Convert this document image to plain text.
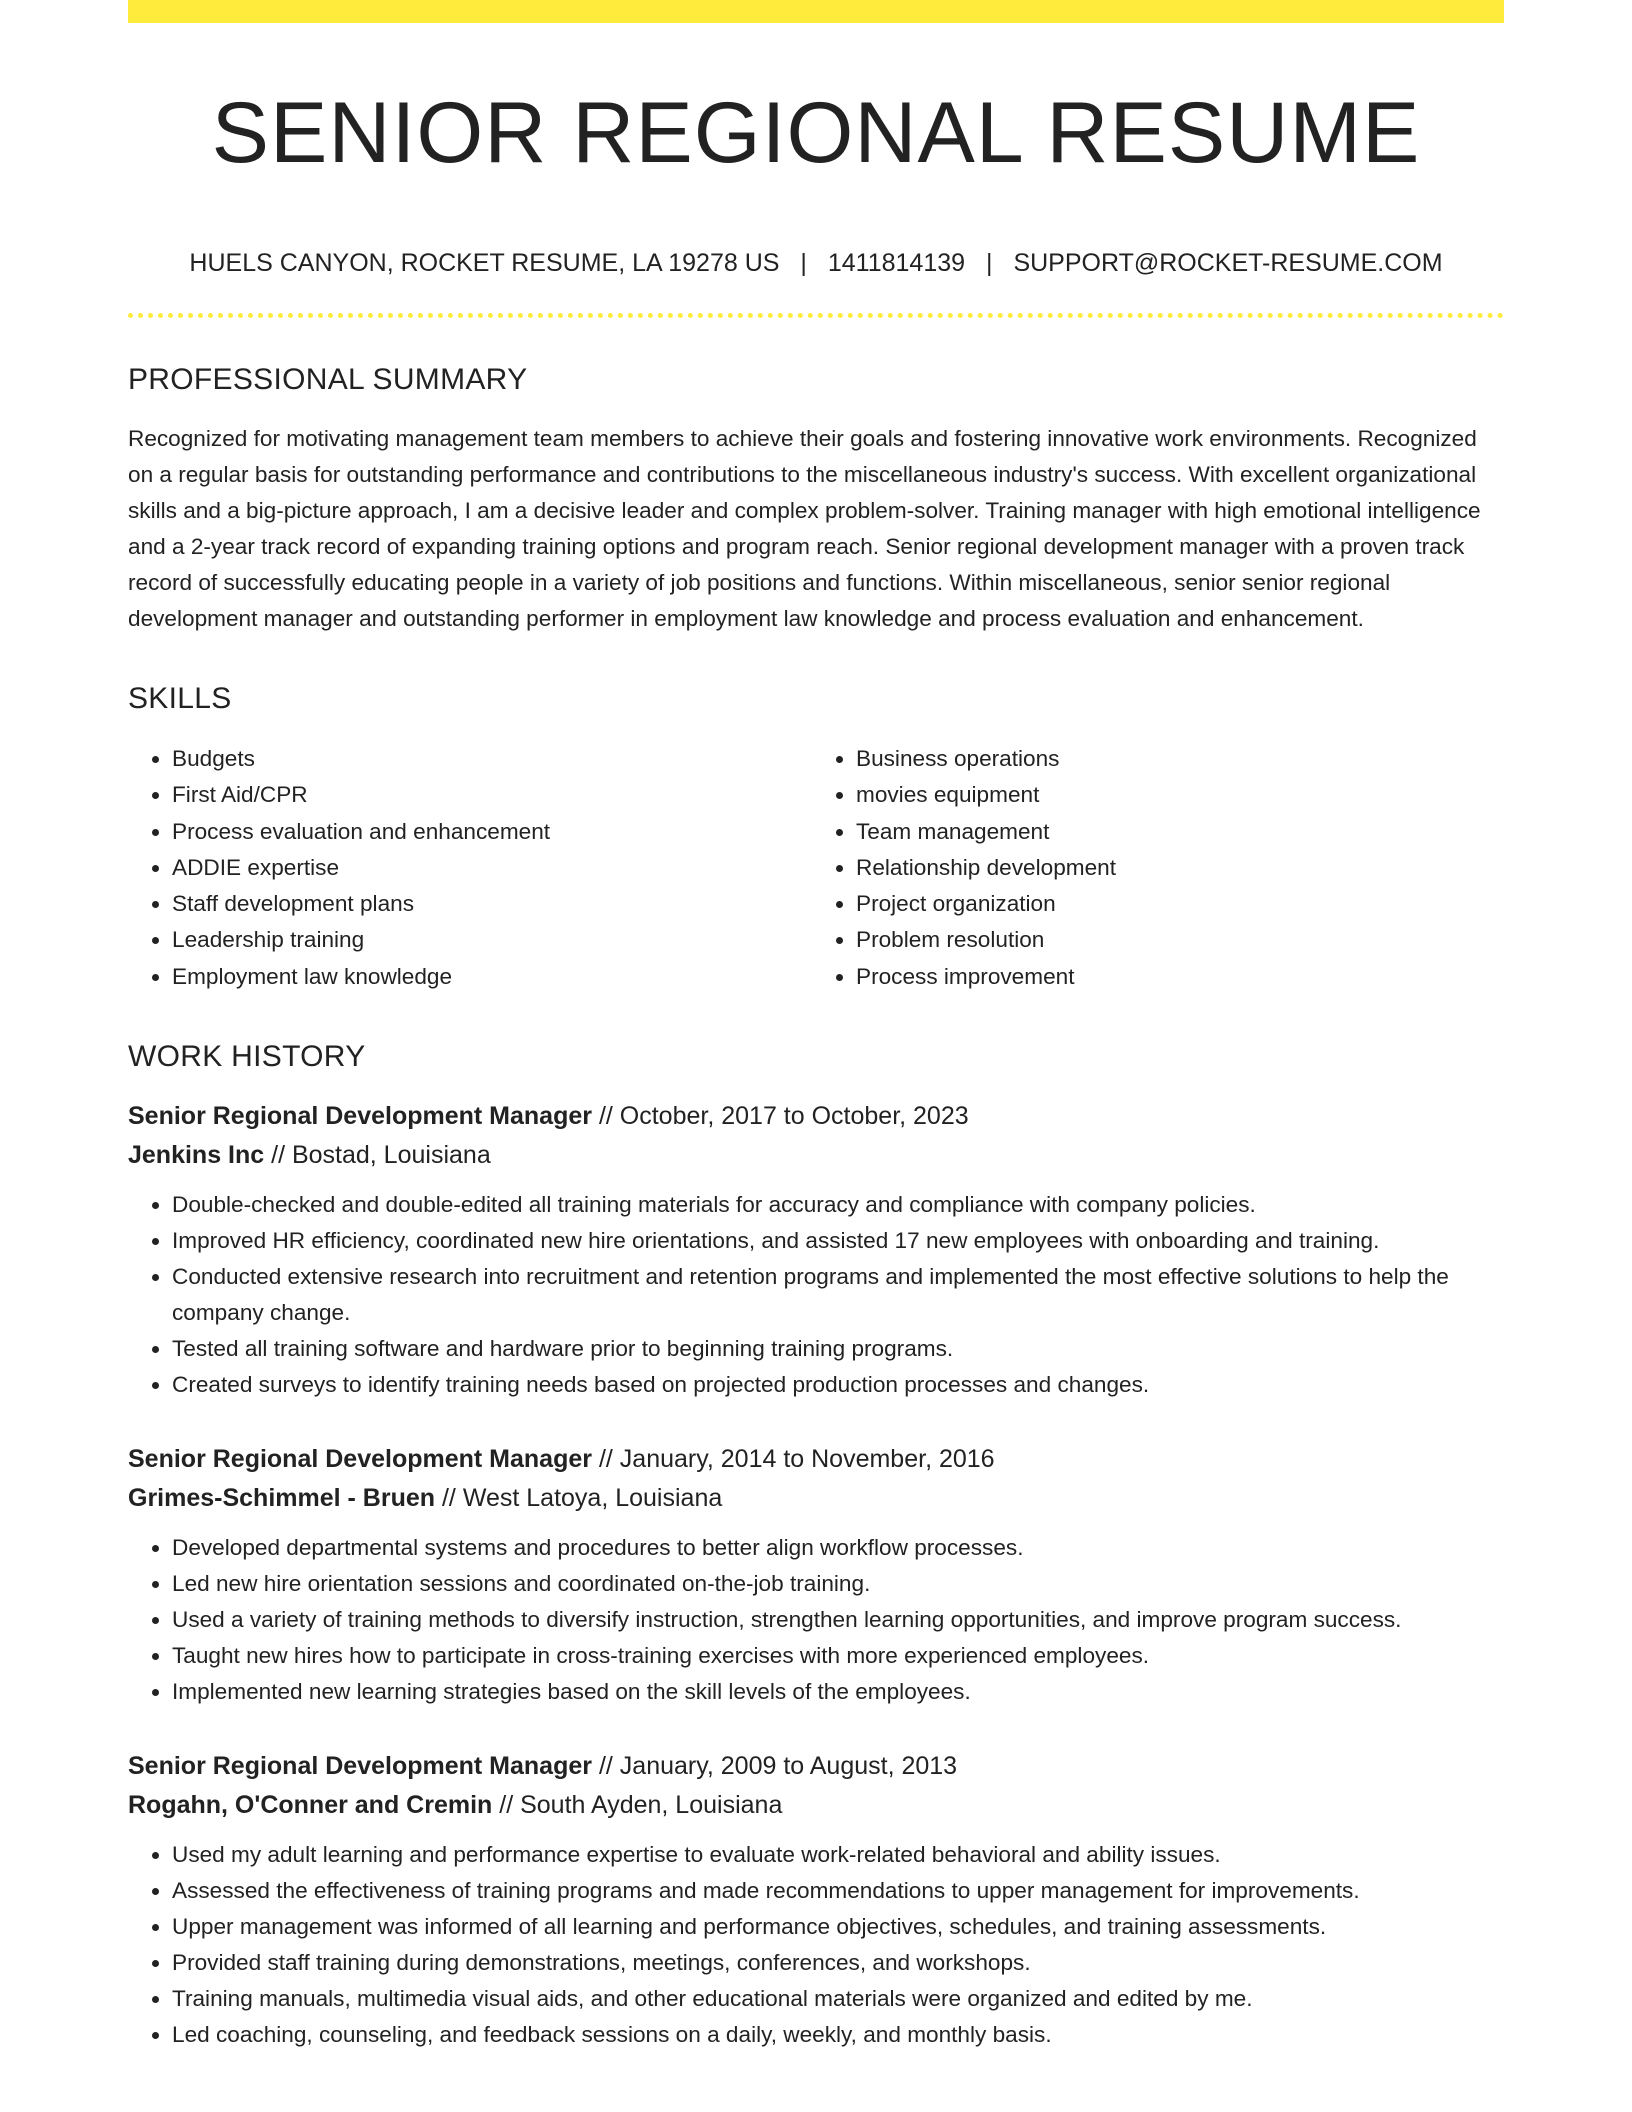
SENIOR REGIONAL RESUME
HUELS CANYON, ROCKET RESUME, LA 19278 US | 1411814139 | SUPPORT@ROCKET-RESUME.COM
PROFESSIONAL SUMMARY
Recognized for motivating management team members to achieve their goals and fostering innovative work environments. Recognized on a regular basis for outstanding performance and contributions to the miscellaneous industry's success. With excellent organizational skills and a big-picture approach, I am a decisive leader and complex problem-solver. Training manager with high emotional intelligence and a 2-year track record of expanding training options and program reach. Senior regional development manager with a proven track record of successfully educating people in a variety of job positions and functions. Within miscellaneous, senior senior regional development manager and outstanding performer in employment law knowledge and process evaluation and enhancement.
SKILLS
• Budgets
• First Aid/CPR
• Process evaluation and enhancement
• ADDIE expertise
• Staff development plans
• Leadership training
• Employment law knowledge
• Business operations
• movies equipment
• Team management
• Relationship development
• Project organization
• Problem resolution
• Process improvement
WORK HISTORY
Senior Regional Development Manager // October, 2017 to October, 2023
Jenkins Inc // Bostad, Louisiana
• Double-checked and double-edited all training materials for accuracy and compliance with company policies.
• Improved HR efficiency, coordinated new hire orientations, and assisted 17 new employees with onboarding and training.
• Conducted extensive research into recruitment and retention programs and implemented the most effective solutions to help the company change.
• Tested all training software and hardware prior to beginning training programs.
• Created surveys to identify training needs based on projected production processes and changes.
Senior Regional Development Manager // January, 2014 to November, 2016
Grimes-Schimmel - Bruen // West Latoya, Louisiana
• Developed departmental systems and procedures to better align workflow processes.
• Led new hire orientation sessions and coordinated on-the-job training.
• Used a variety of training methods to diversify instruction, strengthen learning opportunities, and improve program success.
• Taught new hires how to participate in cross-training exercises with more experienced employees.
• Implemented new learning strategies based on the skill levels of the employees.
Senior Regional Development Manager // January, 2009 to August, 2013
Rogahn, O'Conner and Cremin // South Ayden, Louisiana
• Used my adult learning and performance expertise to evaluate work-related behavioral and ability issues.
• Assessed the effectiveness of training programs and made recommendations to upper management for improvements.
• Upper management was informed of all learning and performance objectives, schedules, and training assessments.
• Provided staff training during demonstrations, meetings, conferences, and workshops.
• Training manuals, multimedia visual aids, and other educational materials were organized and edited by me.
• Led coaching, counseling, and feedback sessions on a daily, weekly, and monthly basis.
